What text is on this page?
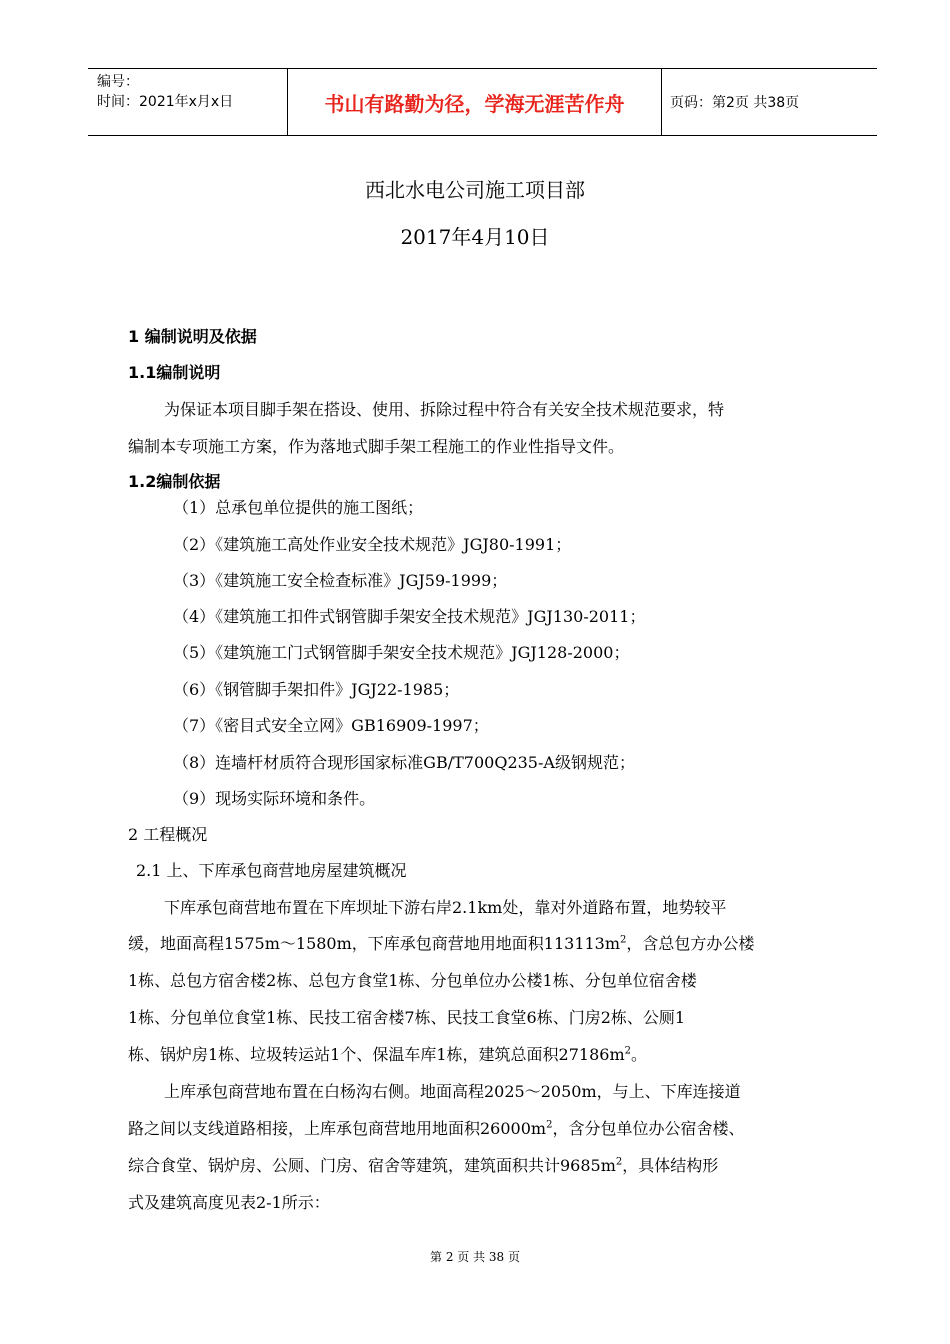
编号：
时间：2021年x月x日	书山有路勤为径，学海无涯苦作舟	页码：第2页 共38页
西北水电公司施工项目部
2017年4月10日
1 编制说明及依据
1.1编制说明
为保证本项目脚手架在搭设、使用、拆除过程中符合有关安全技术规范要求，特
编制本专项施工方案，作为落地式脚手架工程施工的作业性指导文件。
1.2编制依据
（1）总承包单位提供的施工图纸；
（2）《建筑施工高处作业安全技术规范》JGJ80-1991；
（3）《建筑施工安全检查标准》JGJ59-1999；
（4）《建筑施工扣件式钢管脚手架安全技术规范》JGJ130-2011；
（5）《建筑施工门式钢管脚手架安全技术规范》JGJ128-2000；
（6）《钢管脚手架扣件》JGJ22-1985；
（7）《密目式安全立网》GB16909-1997；
（8）连墙杆材质符合现形国家标准GB/T700Q235-A级钢规范；
（9）现场实际环境和条件。
2 工程概况
2.1 上、下库承包商营地房屋建筑概况
下库承包商营地布置在下库坝址下游右岸2.1km处，靠对外道路布置，地势较平
缓，地面高程1575m～1580m，下库承包商营地用地面积$113113m^2$，含总包方办公楼
1栋、总包方宿舍楼2栋、总包方食堂1栋、分包单位办公楼1栋、分包单位宿舍楼
1栋、分包单位食堂1栋、民技工宿舍楼7栋、民技工食堂6栋、门房2栋、公厕1
栋、锅炉房1栋、垃圾转运站1个、保温车库1栋，建筑总面积$27186m^2$。
上库承包商营地布置在白杨沟右侧。地面高程2025～2050m，与上、下库连接道
路之间以支线道路相接，上库承包商营地用地面积$26000m^2$，含分包单位办公宿舍楼、
综合食堂、锅炉房、公厕、门房、宿舍等建筑，建筑面积共计$9685m^2$，具体结构形
式及建筑高度见表2-1所示：
第 2 页 共 38 页
